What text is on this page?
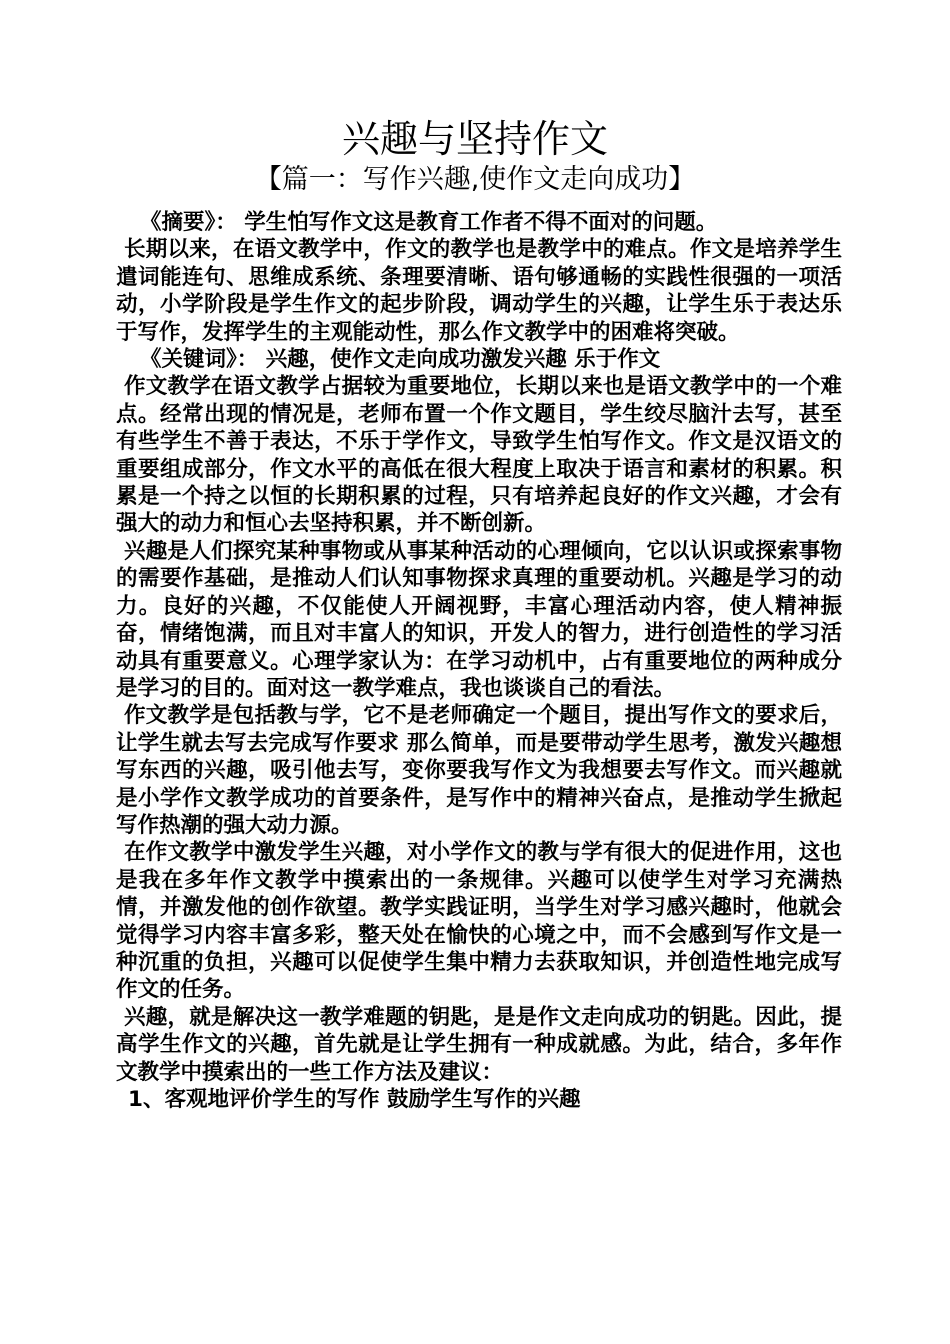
兴趣与坚持作文
【篇一：写作兴趣,使作文走向成功】

《摘要》： 学生怕写作文这是教育工作者不得不面对的问题。

长期以来，在语文教学中，作文的教学也是教学中的难点。作文是培养学生遣词能连句、思维成系统、条理要清晰、语句够通畅的实践性很强的一项活动，小学阶段是学生作文的起步阶段，调动学生的兴趣，让学生乐于表达乐于写作，发挥学生的主观能动性，那么作文教学中的困难将突破。

《关键词》： 兴趣，使作文走向成功激发兴趣 乐于作文

作文教学在语文教学占据较为重要地位，长期以来也是语文教学中的一个难点。经常出现的情况是，老师布置一个作文题目，学生绞尽脑汁去写，甚至有些学生不善于表达，不乐于学作文，导致学生怕写作文。作文是汉语文的重要组成部分，作文水平的高低在很大程度上取决于语言和素材的积累。积累是一个持之以恒的长期积累的过程，只有培养起良好的作文兴趣，才会有强大的动力和恒心去坚持积累，并不断创新。

兴趣是人们探究某种事物或从事某种活动的心理倾向，它以认识或探索事物的需要作基础，是推动人们认知事物探求真理的重要动机。兴趣是学习的动力。良好的兴趣，不仅能使人开阔视野，丰富心理活动内容，使人精神振奋，情绪饱满，而且对丰富人的知识，开发人的智力，进行创造性的学习活动具有重要意义。心理学家认为：在学习动机中，占有重要地位的两种成分是学习的目的。面对这一教学难点，我也谈谈自己的看法。

作文教学是包括教与学，它不是老师确定一个题目，提出写作文的要求后，让学生就去写去完成写作要求 那么简单，而是要带动学生思考，激发兴趣想写东西的兴趣，吸引他去写，变你要我写作文为我想要去写作文。而兴趣就是小学作文教学成功的首要条件，是写作中的精神兴奋点，是推动学生掀起写作热潮的强大动力源。

在作文教学中激发学生兴趣，对小学作文的教与学有很大的促进作用，这也是我在多年作文教学中摸索出的一条规律。兴趣可以使学生对学习充满热情，并激发他的创作欲望。教学实践证明，当学生对学习感兴趣时，他就会觉得学习内容丰富多彩，整天处在愉快的心境之中，而不会感到写作文是一种沉重的负担，兴趣可以促使学生集中精力去获取知识，并创造性地完成写作文的任务。

兴趣，就是解决这一教学难题的钥匙，是是作文走向成功的钥匙。因此，提高学生作文的兴趣，首先就是让学生拥有一种成就感。为此，结合，多年作文教学中摸索出的一些工作方法及建议：

1、客观地评价学生的写作 鼓励学生写作的兴趣
